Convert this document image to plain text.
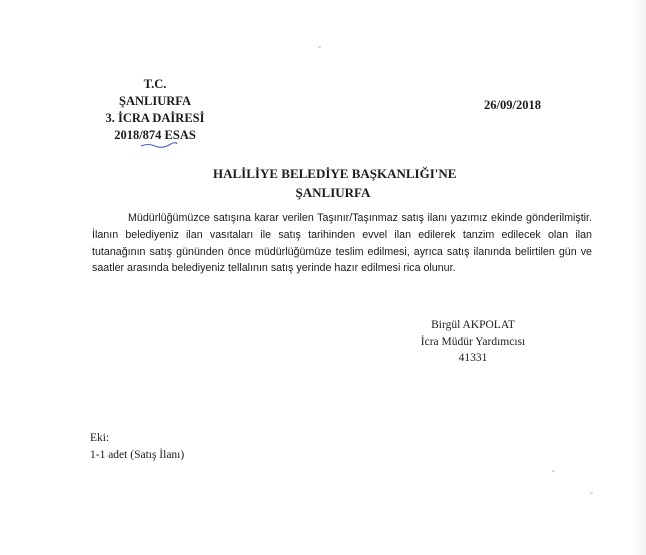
T.C.
ŞANLIURFA
3. İCRA DAİRESİ
2018/874 ESAS
26/09/2018
HALİLİYE BELEDİYE BAŞKANLIĞI'NE
ŞANLIURFA

Müdürlüğümüzce satışına karar verilen Taşınır/Taşınmaz satış ilanı yazımız ekinde gönderilmiştir. İlanın belediyeniz ilan vasıtaları ile satış tarihinden evvel ilan edilerek tanzim edilecek olan ilan tutanağının satış gününden önce müdürlüğümüze teslim edilmesi, ayrıca satış ilanında belirtilen gün ve saatler arasında belediyeniz tellalının satış yerinde hazır edilmesi rica olunur.

Birgül AKPOLAT
İcra Müdür Yardımcısı
41331
Eki:
1-1 adet (Satış İlanı)
